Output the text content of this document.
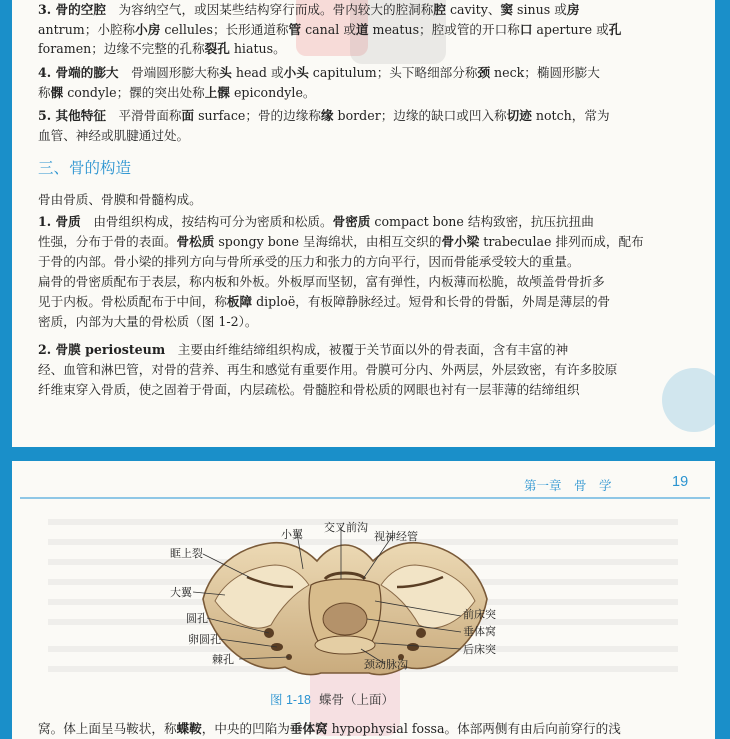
3. 骨的空腔　为容纳空气，或因某些结构穿行而成。骨内较大的腔洞称腔 cavity、窦 sinus 或房
antrum；小腔称小房 cellules；长形通道称管 canal 或道 meatus；腔或管的开口称口 aperture 或孔
foramen；边缘不完整的孔称裂孔 hiatus。
4. 骨端的膨大　骨端圆形膨大称头 head 或小头 capitulum；头下略细部分称颈 neck；椭圆形膨大
称髁 condyle；髁的突出处称上髁 epicondyle。
5. 其他特征　平滑骨面称面 surface；骨的边缘称缘 border；边缘的缺口或凹入称切迹 notch，常为
血管、神经或肌腱通过处。
三、骨的构造
骨由骨质、骨膜和骨髓构成。
1. 骨质　由骨组织构成，按结构可分为密质和松质。骨密质 compact bone 结构致密，抗压抗扭曲
性强，分布于骨的表面。骨松质 spongy bone 呈海绵状，由相互交织的骨小梁 trabeculae 排列而成，配布
于骨的内部。骨小梁的排列方向与骨所承受的压力和张力的方向平行，因而骨能承受较大的重量。
扁骨的骨密质配布于表层，称内板和外板。外板厚而坚韧，富有弹性，内板薄而松脆，故颅盖骨骨折多
见于内板。骨松质配布于中间，称板障 diploë，有板障静脉经过。短骨和长骨的骨骺，外周是薄层的骨
密质，内部为大量的骨松质（图 1-2）。
2. 骨膜 periosteum　主要由纤维结缔组织构成，被覆于关节面以外的骨表面，含有丰富的神
经、血管和淋巴管，对骨的营养、再生和感觉有重要作用。骨膜可分内、外两层，外层致密，有许多胶原
纤维束穿入骨质，使之固着于骨面，内层疏松。骨髓腔和骨松质的网眼也衬有一层菲薄的结缔组织
第一章　骨　学	19
小翼
交叉前沟
视神经管
眶上裂
大翼
圆孔
卵圆孔
棘孔
前床突
垂体窝
后床突
颈动脉沟
图 1-18 蝶骨（上面）
窝。体上面呈马鞍状，称蝶鞍，中央的凹陷为垂体窝 hypophysial fossa。体部两侧有由后向前穿行的浅
